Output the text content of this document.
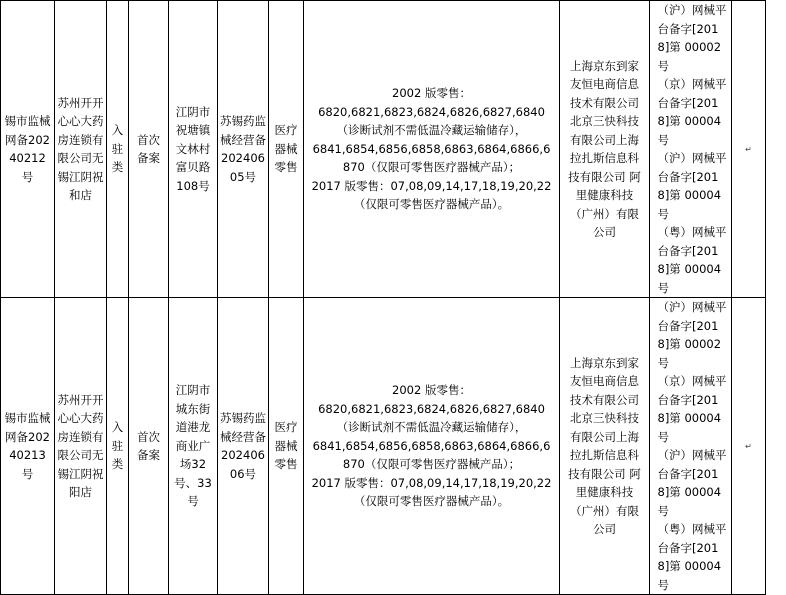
锡市监械网备20240212号	苏州开开心心大药房连锁有限公司无锡江阴祝和店	入驻类	首次备案	江阴市祝塘镇文林村富贝路108号	苏锡药监械经营备20240605号	医疗器械零售	2002 版零售：
6820,6821,6823,6824,6826,6827,6840（诊断试剂不需低温冷藏运输储存），
6841,6854,6856,6858,6863,6864,6866,6870（仅限可零售医疗器械产品）；
2017 版零售：07,08,09,14,17,18,19,20,22（仅限可零售医疗器械产品）。	上海京东到家友恒电商信息技术有限公司北京三快科技有限公司上海拉扎斯信息科技有限公司 阿里健康科技（广州）有限公司	（沪）网械平台备字[2018]第 00002 号
（京）网械平台备字[2018]第 00004 号
（沪）网械平台备字[2018]第 00004 号
（粤）网械平台备字[2018]第 00004 号	↵

锡市监械网备20240213号	苏州开开心心大药房连锁有限公司无锡江阴祝阳店	入驻类	首次备案	江阴市城东街道港龙商业广场32号、33号	苏锡药监械经营备20240606号	医疗器械零售	2002 版零售：
6820,6821,6823,6824,6826,6827,6840（诊断试剂不需低温冷藏运输储存），
6841,6854,6856,6858,6863,6864,6866,6870（仅限可零售医疗器械产品）；
2017 版零售：07,08,09,14,17,18,19,20,22（仅限可零售医疗器械产品）。	上海京东到家友恒电商信息技术有限公司北京三快科技有限公司上海拉扎斯信息科技有限公司 阿里健康科技（广州）有限公司	（沪）网械平台备字[2018]第 00002 号
（京）网械平台备字[2018]第 00004 号
（沪）网械平台备字[2018]第 00004 号
（粤）网械平台备字[2018]第 00004 号	↵
